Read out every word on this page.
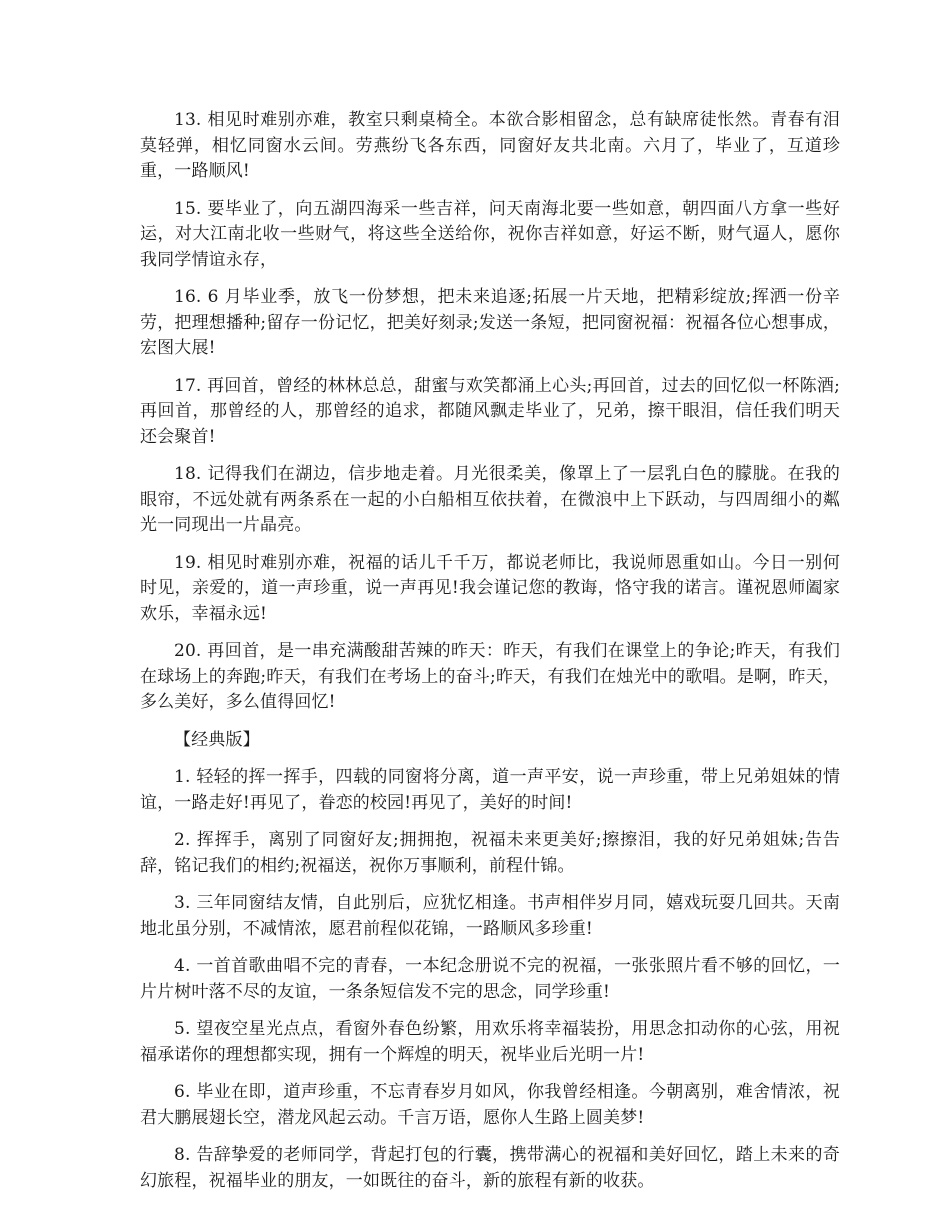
13. 相见时难别亦难，教室只剩桌椅全。本欲合影相留念，总有缺席徒怅然。青春有泪莫轻弹，相忆同窗水云间。劳燕纷飞各东西，同窗好友共北南。六月了，毕业了，互道珍重，一路顺风!

15. 要毕业了，向五湖四海采一些吉祥，问天南海北要一些如意，朝四面八方拿一些好运，对大江南北收一些财气，将这些全送给你，祝你吉祥如意，好运不断，财气逼人，愿你我同学情谊永存，

16. 6 月毕业季，放飞一份梦想，把未来追逐;拓展一片天地，把精彩绽放;挥洒一份辛劳，把理想播种;留存一份记忆，把美好刻录;发送一条短，把同窗祝福：祝福各位心想事成，宏图大展!

17. 再回首，曾经的林林总总，甜蜜与欢笑都涌上心头;再回首，过去的回忆似一杯陈酒;再回首，那曾经的人，那曾经的追求，都随风飘走毕业了，兄弟，擦干眼泪，信任我们明天还会聚首!

18. 记得我们在湖边，信步地走着。月光很柔美，像罩上了一层乳白色的朦胧。在我的眼帘，不远处就有两条系在一起的小白船相互依扶着，在微浪中上下跃动，与四周细小的粼光一同现出一片晶亮。

19. 相见时难别亦难，祝福的话儿千千万，都说老师比，我说师恩重如山。今日一别何时见，亲爱的，道一声珍重，说一声再见!我会谨记您的教诲，恪守我的诺言。谨祝恩师阖家欢乐，幸福永远!

20. 再回首，是一串充满酸甜苦辣的昨天：昨天，有我们在课堂上的争论;昨天，有我们在球场上的奔跑;昨天，有我们在考场上的奋斗;昨天，有我们在烛光中的歌唱。是啊，昨天，多么美好，多么值得回忆!

【经典版】

1. 轻轻的挥一挥手，四载的同窗将分离，道一声平安，说一声珍重，带上兄弟姐妹的情谊，一路走好!再见了，眷恋的校园!再见了，美好的时间!

2. 挥挥手，离别了同窗好友;拥拥抱，祝福未来更美好;擦擦泪，我的好兄弟姐妹;告告辞，铭记我们的相约;祝福送，祝你万事顺利，前程什锦。

3. 三年同窗结友情，自此别后，应犹忆相逢。书声相伴岁月同，嬉戏玩耍几回共。天南地北虽分别，不减情浓，愿君前程似花锦，一路顺风多珍重!

4. 一首首歌曲唱不完的青春，一本纪念册说不完的祝福，一张张照片看不够的回忆，一片片树叶落不尽的友谊，一条条短信发不完的思念，同学珍重!

5. 望夜空星光点点，看窗外春色纷繁，用欢乐将幸福装扮，用思念扣动你的心弦，用祝福承诺你的理想都实现，拥有一个辉煌的明天，祝毕业后光明一片!

6. 毕业在即，道声珍重，不忘青春岁月如风，你我曾经相逢。今朝离别，难舍情浓，祝君大鹏展翅长空，潜龙风起云动。千言万语，愿你人生路上圆美梦!

8. 告辞挚爱的老师同学，背起打包的行囊，携带满心的祝福和美好回忆，踏上未来的奇幻旅程，祝福毕业的朋友，一如既往的奋斗，新的旅程有新的收获。
